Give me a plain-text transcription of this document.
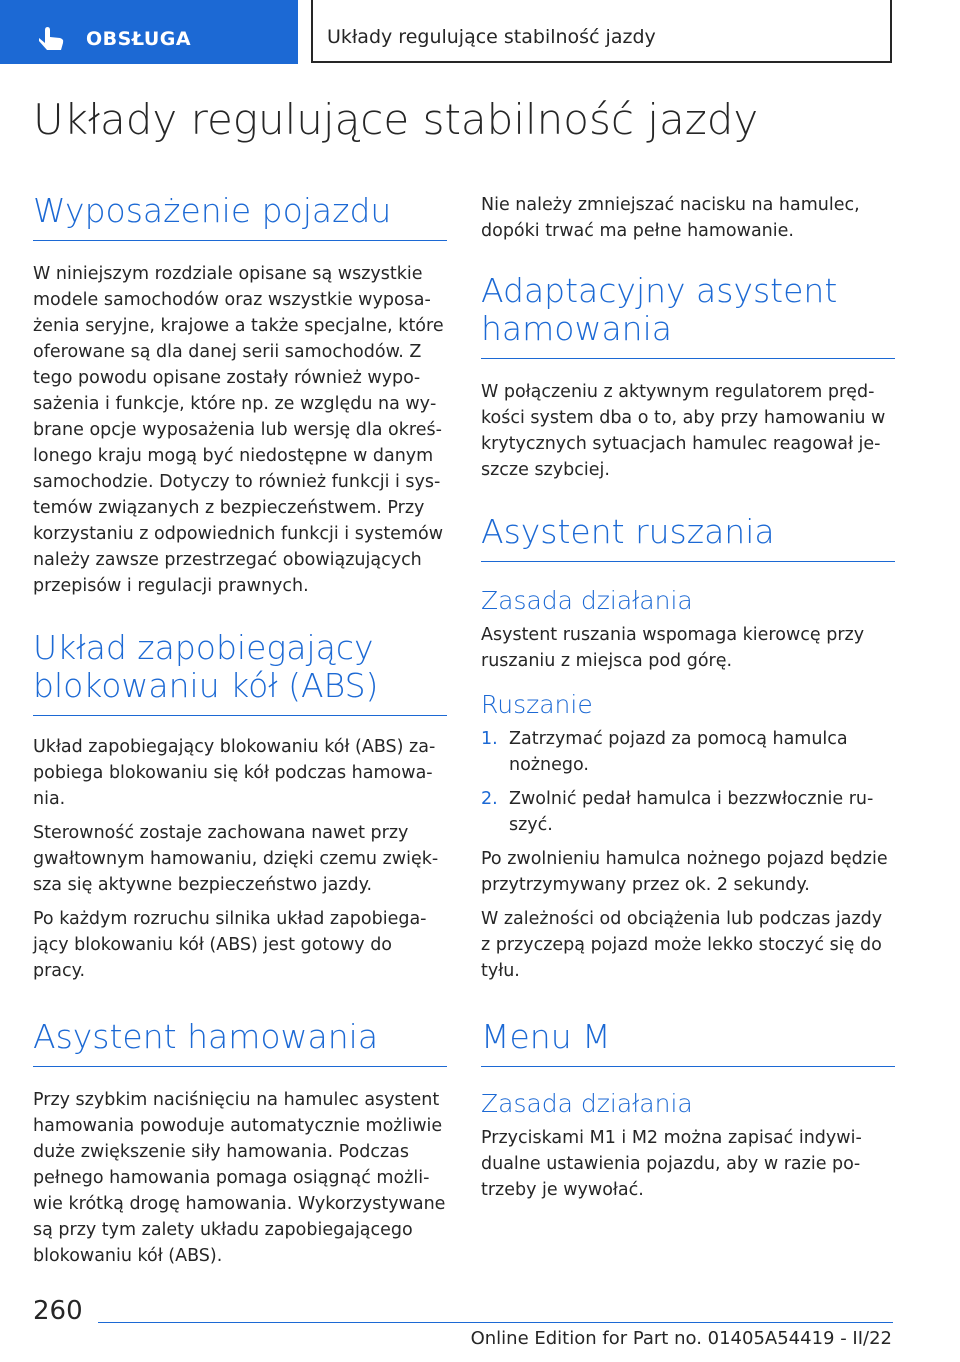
OBSŁUGA	Układy regulujące stabilność jazdy
Układy regulujące stabilność jazdy
Wyposażenie pojazdu

W niniejszym rozdziale opisane są wszystkie modele samochodów oraz wszystkie wyposażenia seryjne, krajowe a także specjalne, które oferowane są dla danej serii samochodów. Z tego powodu opisane zostały również wyposażenia i funkcje, które np. ze względu na wybrane opcje wyposażenia lub wersję dla określonego kraju mogą być niedostępne w danym samochodzie. Dotyczy to również funkcji i systemów związanych z bezpieczeństwem. Przy korzystaniu z odpowiednich funkcji i systemów należy zawsze przestrzegać obowiązujących przepisów i regulacji prawnych.

Układ zapobiegający blokowaniu kół (ABS)

Układ zapobiegający blokowaniu kół (ABS) zapobiega blokowaniu się kół podczas hamowania.

Sterowność zostaje zachowana nawet przy gwałtownym hamowaniu, dzięki czemu zwiększa się aktywne bezpieczeństwo jazdy.

Po każdym rozruchu silnika układ zapobiegający blokowaniu kół (ABS) jest gotowy do pracy.

Asystent hamowania

Przy szybkim naciśnięciu na hamulec asystent hamowania powoduje automatycznie możliwie duże zwiększenie siły hamowania. Podczas pełnego hamowania pomaga osiągnąć możliwie krótką drogę hamowania. Wykorzystywane są przy tym zalety układu zapobiegającego blokowaniu kół (ABS).

Nie należy zmniejszać nacisku na hamulec, dopóki trwać ma pełne hamowanie.

Adaptacyjny asystent hamowania

W połączeniu z aktywnym regulatorem prędkości system dba o to, aby przy hamowaniu w krytycznych sytuacjach hamulec reagował jeszcze szybciej.

Asystent ruszania
Zasada działania

Asystent ruszania wspomaga kierowcę przy ruszaniu z miejsca pod górę.

Ruszanie
1. Zatrzymać pojazd za pomocą hamulca nożnego.
2. Zwolnić pedał hamulca i bezzwłocznie ruszyć.

Po zwolnieniu hamulca nożnego pojazd będzie przytrzymywany przez ok. 2 sekundy.

W zależności od obciążenia lub podczas jazdy z przyczepą pojazd może lekko stoczyć się do tyłu.

Menu M
Zasada działania

Przyciskami M1 i M2 można zapisać indywidualne ustawienia pojazdu, aby w razie potrzeby je wywołać.

260
Online Edition for Part no. 01405A54419 - II/22
